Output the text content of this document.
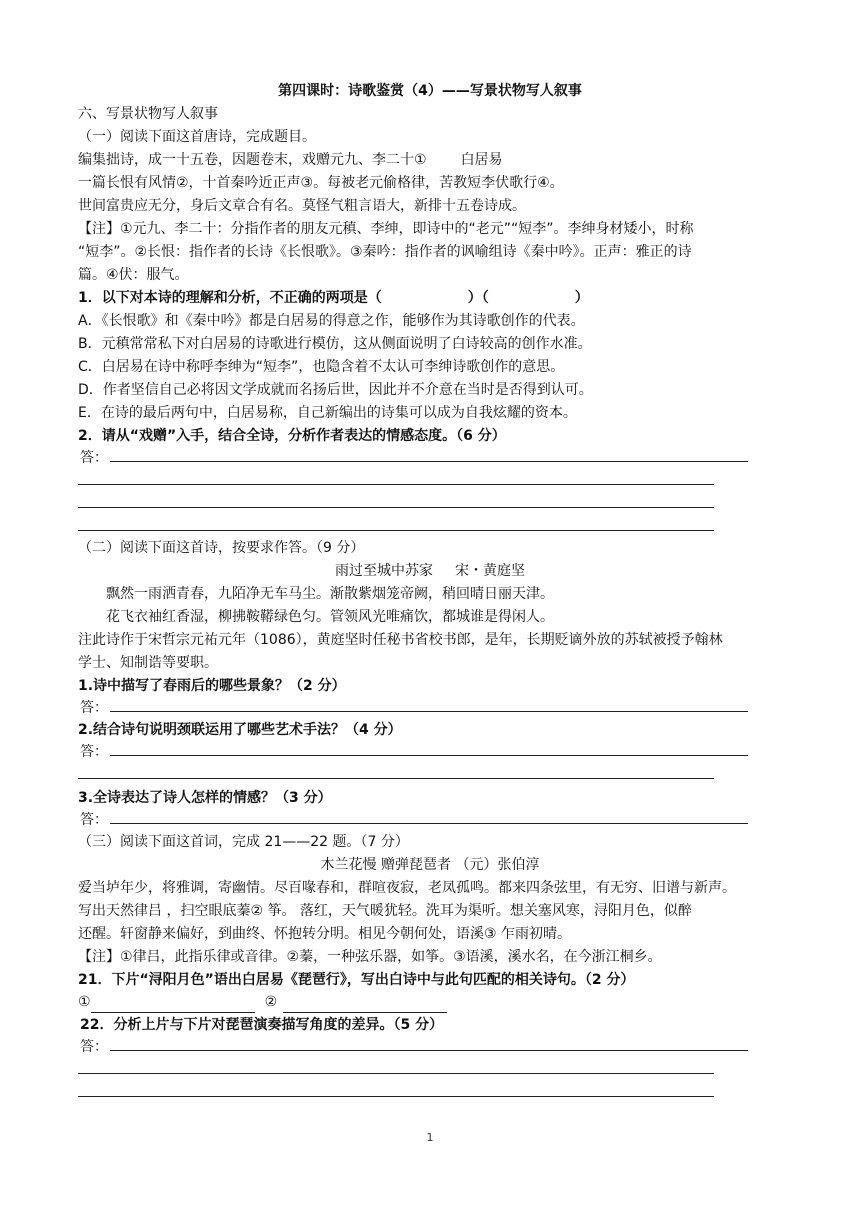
第四课时：诗歌鉴赏（4）——写景状物写人叙事
六、写景状物写人叙事
（一）阅读下面这首唐诗，完成题目。
编集拙诗，成一十五卷，因题卷末，戏赠元九、李二十① 白居易
一篇长恨有风情②，十首秦吟近正声③。每被老元偷格律，苦教短李伏歌行④。
世间富贵应无分，身后文章合有名。莫怪气粗言语大，新排十五卷诗成。
【注】①元九、李二十：分指作者的朋友元稹、李绅，即诗中的“老元”“短李”。李绅身材矮小，时称
“短李”。②长恨：指作者的长诗《长恨歌》。③秦吟：指作者的讽喻组诗《秦中吟》。正声：雅正的诗
篇。④伏：服气。
1．以下对本诗的理解和分析，不正确的两项是（	）（	）
A．《长恨歌》和《秦中吟》都是白居易的得意之作，能够作为其诗歌创作的代表。
B．元稹常常私下对白居易的诗歌进行模仿，这从侧面说明了白诗较高的创作水准。
C．白居易在诗中称呼李绅为“短李”，也隐含着不太认可李绅诗歌创作的意思。
D．作者坚信自己必将因文学成就而名扬后世，因此并不介意在当时是否得到认可。
E．在诗的最后两句中，白居易称，自己新编出的诗集可以成为自我炫耀的资本。
2．请从“戏赠”入手，结合全诗，分析作者表达的情感态度。（6 分）
答：
（二）阅读下面这首诗，按要求作答。（9 分）
雨过至城中苏家 宋・黄庭坚
飘然一雨洒青春，九陌净无车马尘。渐散紫烟笼帝阙，稍回晴日丽天津。
花飞衣袖红香湿，柳拂鞍鞯绿色匀。管领风光唯痛饮，都城谁是得闲人。
注此诗作于宋哲宗元祐元年（1086），黄庭坚时任秘书省校书郎，是年，长期贬谪外放的苏轼被授予翰林
学士、知制诰等要职。
1.诗中描写了春雨后的哪些景象？（2 分）
答：
2.结合诗句说明颈联运用了哪些艺术手法？（4 分）
答：
3.全诗表达了诗人怎样的情感？（3 分）
答：
（三）阅读下面这首词，完成 21——22 题。（7 分）
木兰花慢 赠弹琵琶者 （元）张伯淳
爱当垆年少，将雅调，寄幽情。尽百喙春和，群喧夜寂，老凤孤鸣。都来四条弦里，有无穷、旧谱与新声。
写出天然律吕 ，扫空眼底蓁② 筝。 落红，天气暖犹轻。洗耳为渠听。想关塞风寒，浔阳月色，似醉
还醒。轩窗静来偏好，到曲终、怀抱转分明。相见今朝何处，语溪③ 乍雨初晴。
【注】①律吕，此指乐律或音律。②蓁，一种弦乐器，如筝。③语溪，溪水名，在今浙江桐乡。
21．下片“浔阳月色”语出白居易《琵琶行》，写出白诗中与此句匹配的相关诗句。（2 分）
①	②
22．分析上片与下片对琵琶演奏描写角度的差异。（5 分）
答：
1
